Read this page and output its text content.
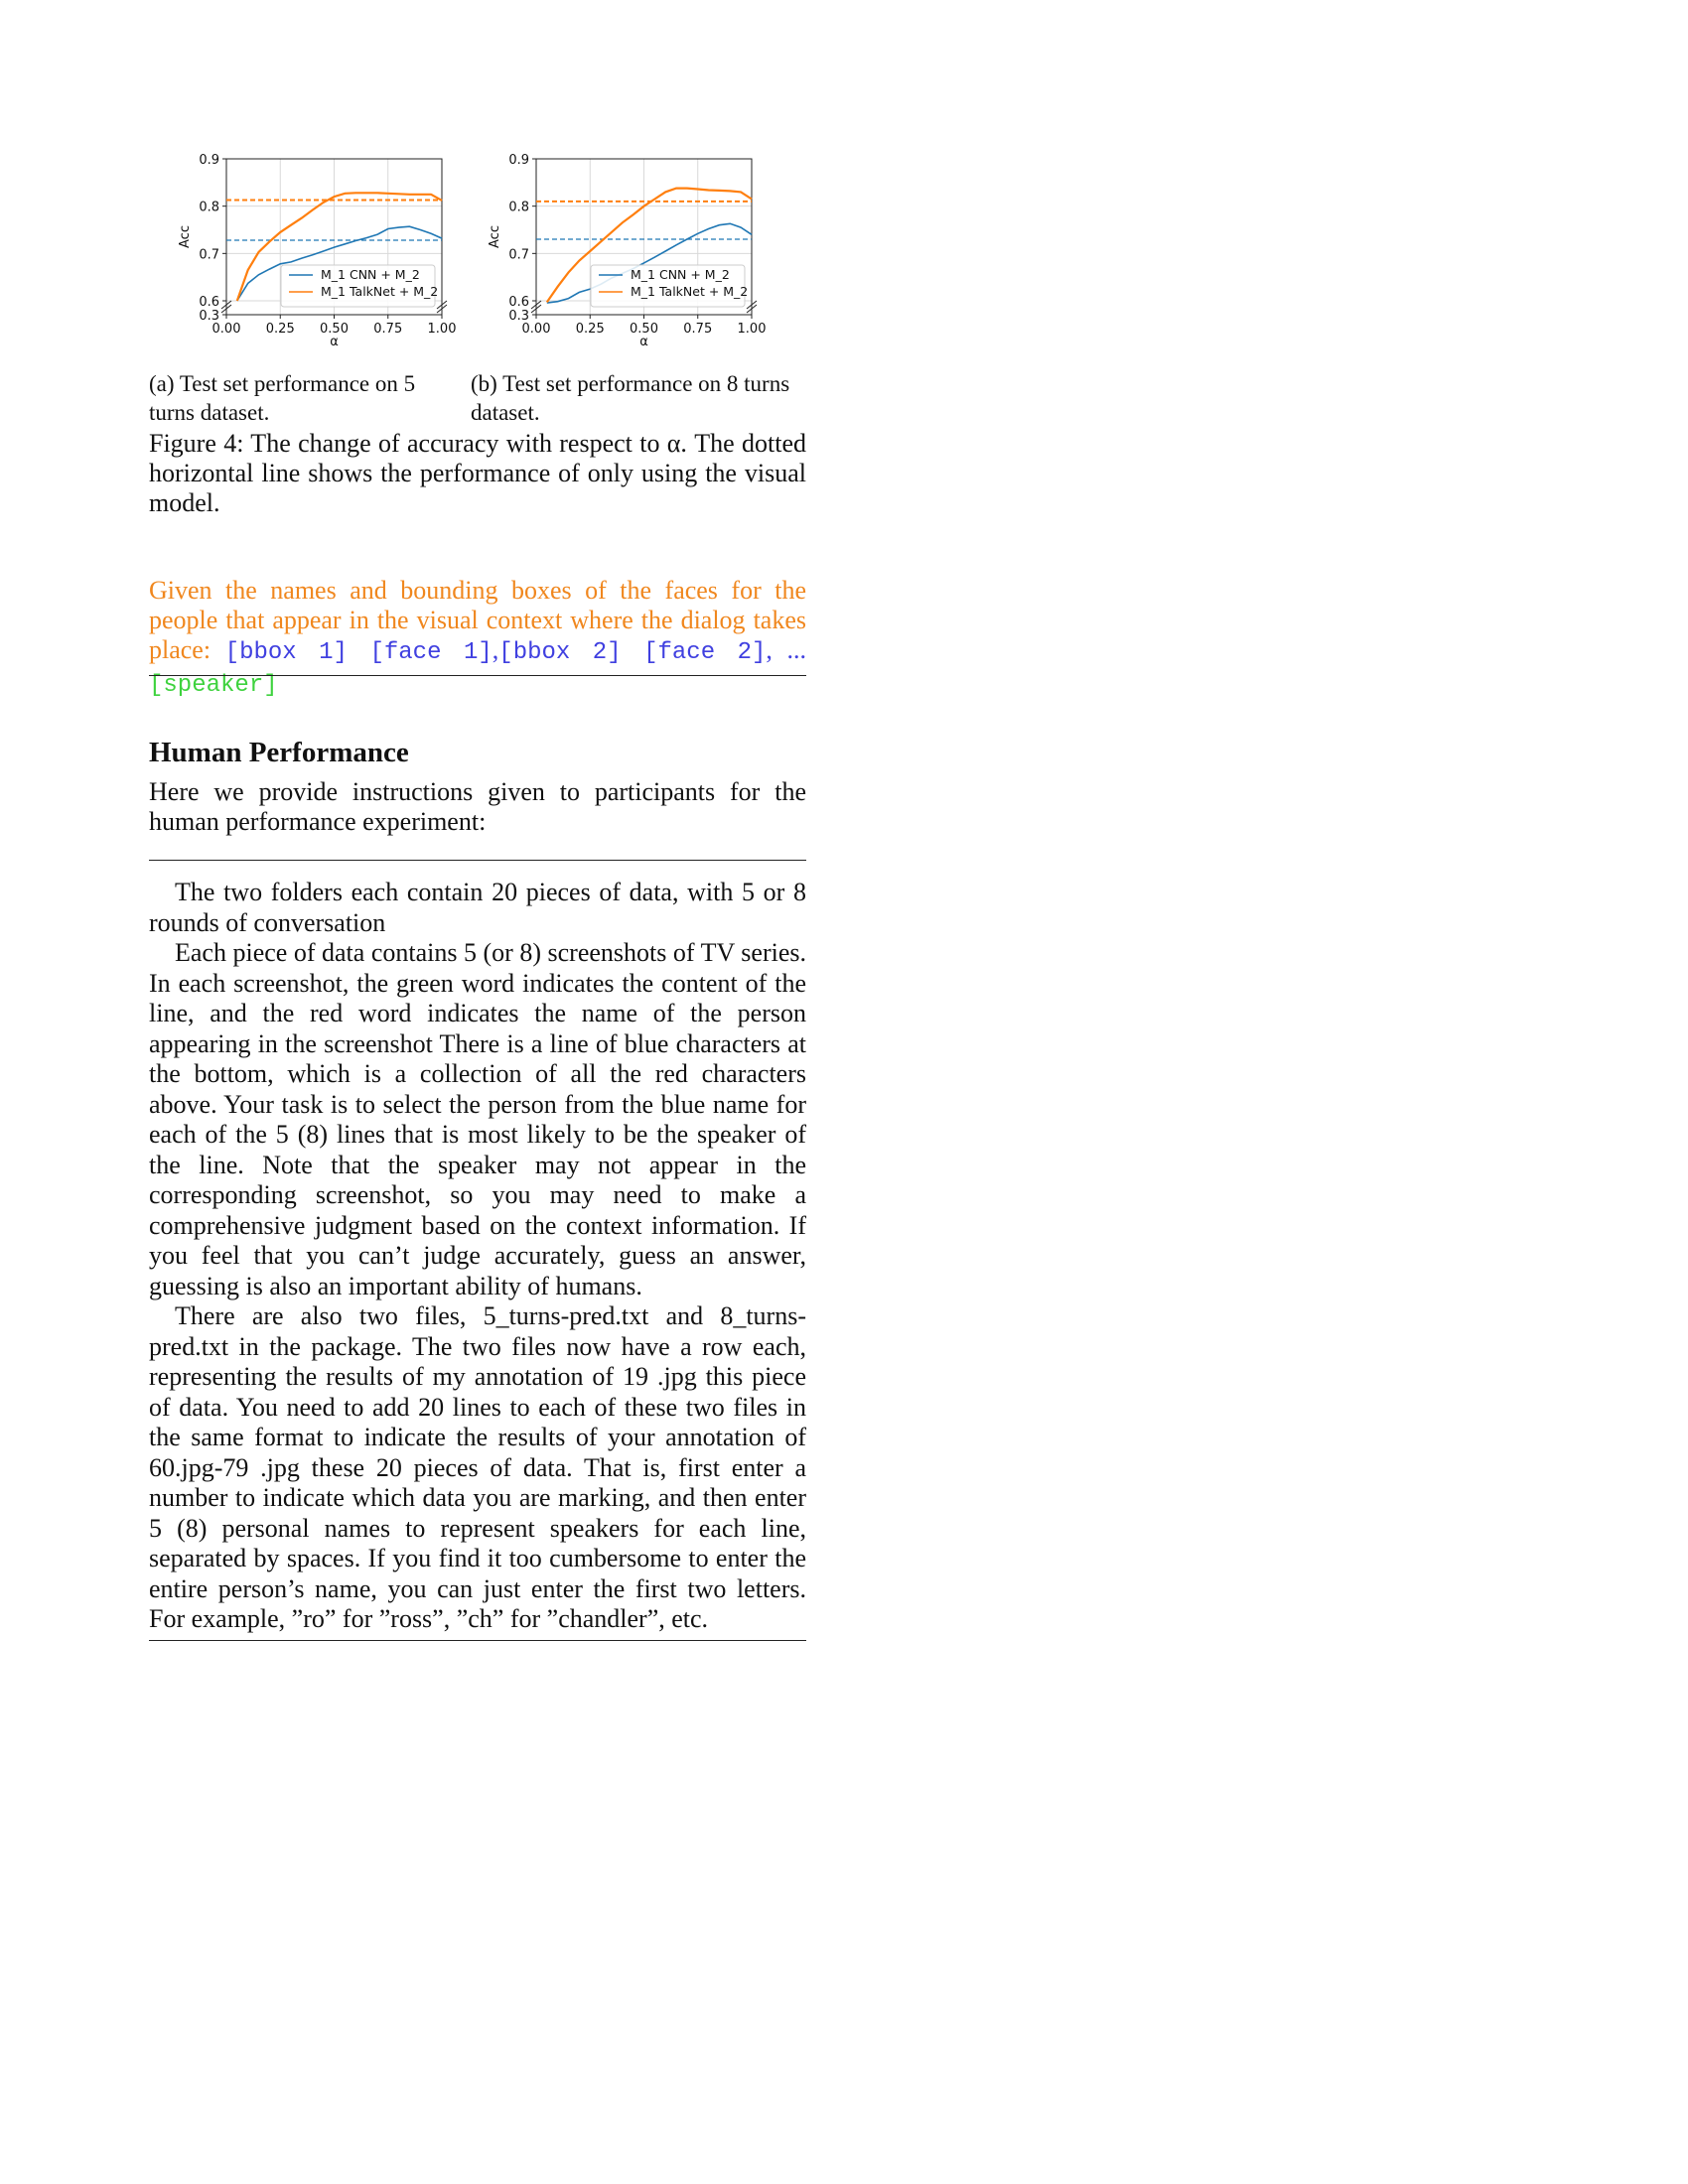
0.00 0.25 0.50 0.75 1.00
0.3
0.6
0.7
0.8
0.9
α
Acc
M_1 CNN + M_2
M_1 TalkNet + M_2
0.00 0.25 0.50 0.75 1.00
0.3
0.6
0.7
0.8
0.9
α
Acc
M_1 CNN + M_2
M_1 TalkNet + M_2
(a) Test set performance on 5 turns dataset.
(b) Test set performance on 8 turns dataset.
Figure 4: The change of accuracy with respect to α. The dotted horizontal line shows the performance of only using the visual model.
Given the names and bounding boxes of the faces for the people that appear in the visual context where the dialog takes place: [bbox 1] [face 1],[bbox 2] [face 2], ... [speaker]
Human Performance
Here we provide instructions given to participants for the human performance experiment:

The two folders each contain 20 pieces of data, with 5 or 8 rounds of conversation

Each piece of data contains 5 (or 8) screenshots of TV series. In each screenshot, the green word indicates the content of the line, and the red word indicates the name of the person appearing in the screenshot There is a line of blue characters at the bottom, which is a collection of all the red characters above. Your task is to select the person from the blue name for each of the 5 (8) lines that is most likely to be the speaker of the line. Note that the speaker may not appear in the corresponding screenshot, so you may need to make a comprehensive judgment based on the context information. If you feel that you can’t judge accurately, guess an answer, guessing is also an important ability of humans.

There are also two files, 5_turns-pred.txt and 8_turns-pred.txt in the package. The two files now have a row each, representing the results of my annotation of 19 .jpg this piece of data. You need to add 20 lines to each of these two files in the same format to indicate the results of your annotation of 60.jpg-79 .jpg these 20 pieces of data. That is, first enter a number to indicate which data you are marking, and then enter 5 (8) personal names to represent speakers for each line, separated by spaces. If you find it too cumbersome to enter the entire person’s name, you can just enter the first two letters. For example, ”ro” for ”ross”, ”ch” for ”chandler”, etc.
